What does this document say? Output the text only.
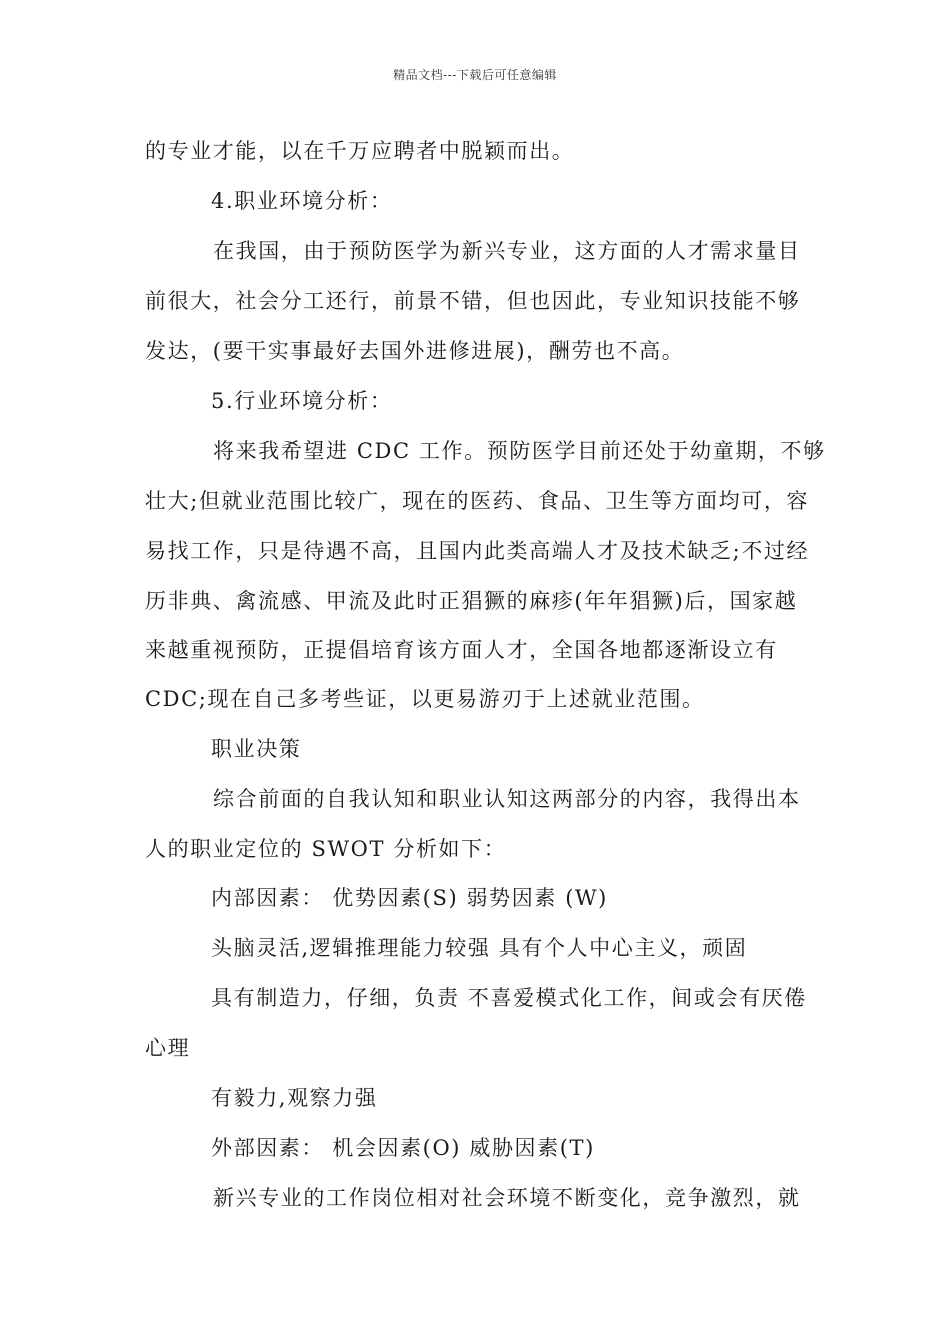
精品文档---下载后可任意编辑
的专业才能，以在千万应聘者中脱颖而出。
4.职业环境分析：
在我国，由于预防医学为新兴专业，这方面的人才需求量目
前很大，社会分工还行，前景不错，但也因此，专业知识技能不够
发达，(要干实事最好去国外进修进展)，酬劳也不高。
5.行业环境分析：
将来我希望进 CDC 工作。预防医学目前还处于幼童期，不够
壮大;但就业范围比较广，现在的医药、食品、卫生等方面均可，容
易找工作，只是待遇不高，且国内此类高端人才及技术缺乏;不过经
历非典、禽流感、甲流及此时正猖獗的麻疹(年年猖獗)后，国家越
来越重视预防，正提倡培育该方面人才，全国各地都逐渐设立有
CDC;现在自己多考些证，以更易游刃于上述就业范围。
职业决策
综合前面的自我认知和职业认知这两部分的内容，我得出本
人的职业定位的 SWOT 分析如下：
内部因素： 优势因素(S) 弱势因素 (W)
头脑灵活,逻辑推理能力较强 具有个人中心主义，顽固
具有制造力，仔细，负责 不喜爱模式化工作，间或会有厌倦
心理
有毅力,观察力强
外部因素： 机会因素(O) 威胁因素(T)
新兴专业的工作岗位相对社会环境不断变化，竞争激烈，就
